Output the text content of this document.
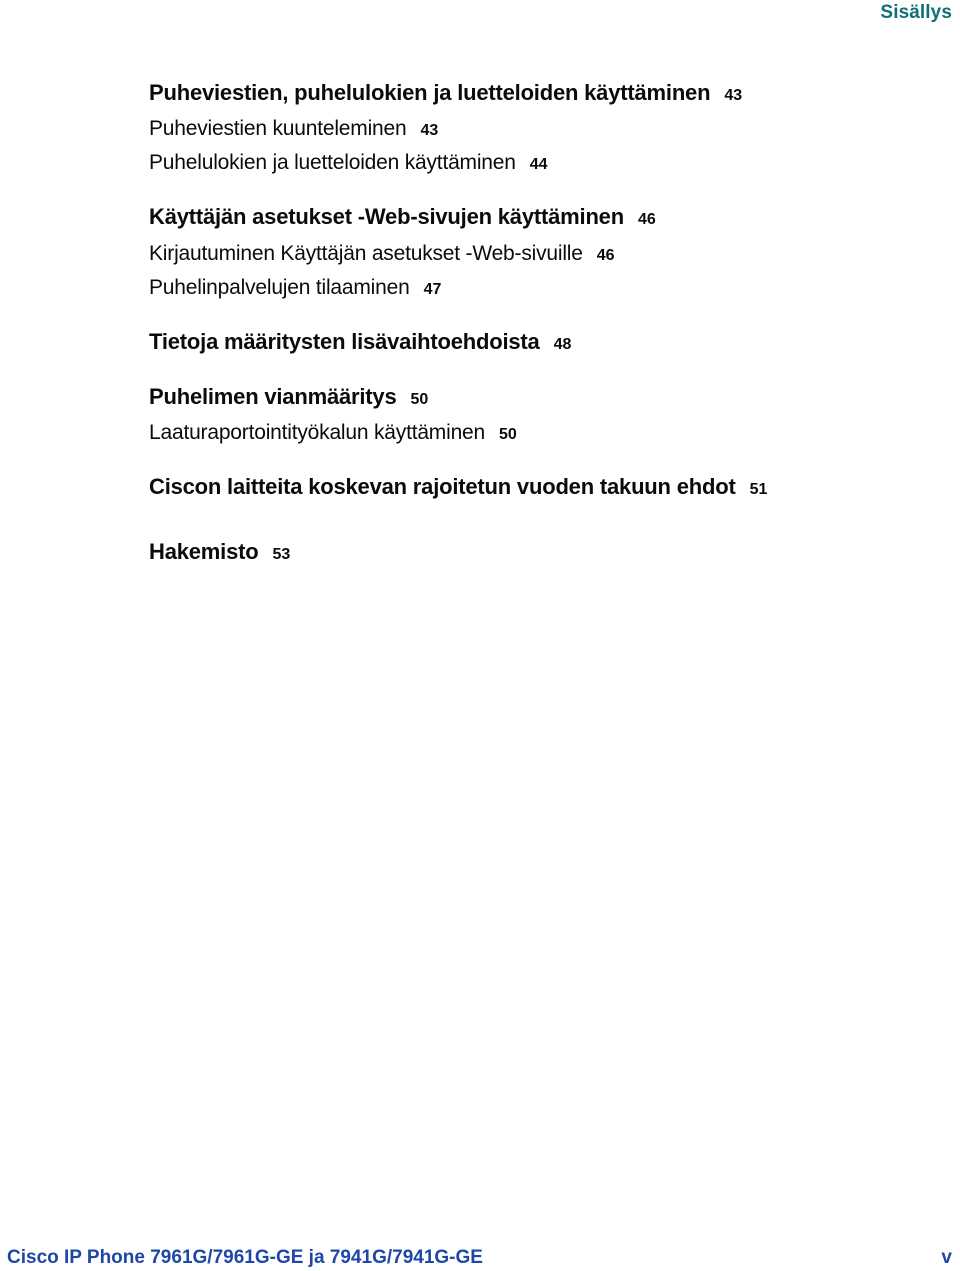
Sisällys
Puheviestien, puhelulokien ja luetteloiden käyttäminen 43
Puheviestien kuunteleminen 43
Puhelulokien ja luetteloiden käyttäminen 44
Käyttäjän asetukset -Web-sivujen käyttäminen 46
Kirjautuminen Käyttäjän asetukset -Web-sivuille 46
Puhelinpalvelujen tilaaminen 47
Tietoja määritysten lisävaihtoehdoista 48
Puhelimen vianmääritys 50
Laaturaportointityökalun käyttäminen 50
Ciscon laitteita koskevan rajoitetun vuoden takuun ehdot 51
Hakemisto 53
Cisco IP Phone 7961G/7961G-GE ja 7941G/7941G-GE	v
